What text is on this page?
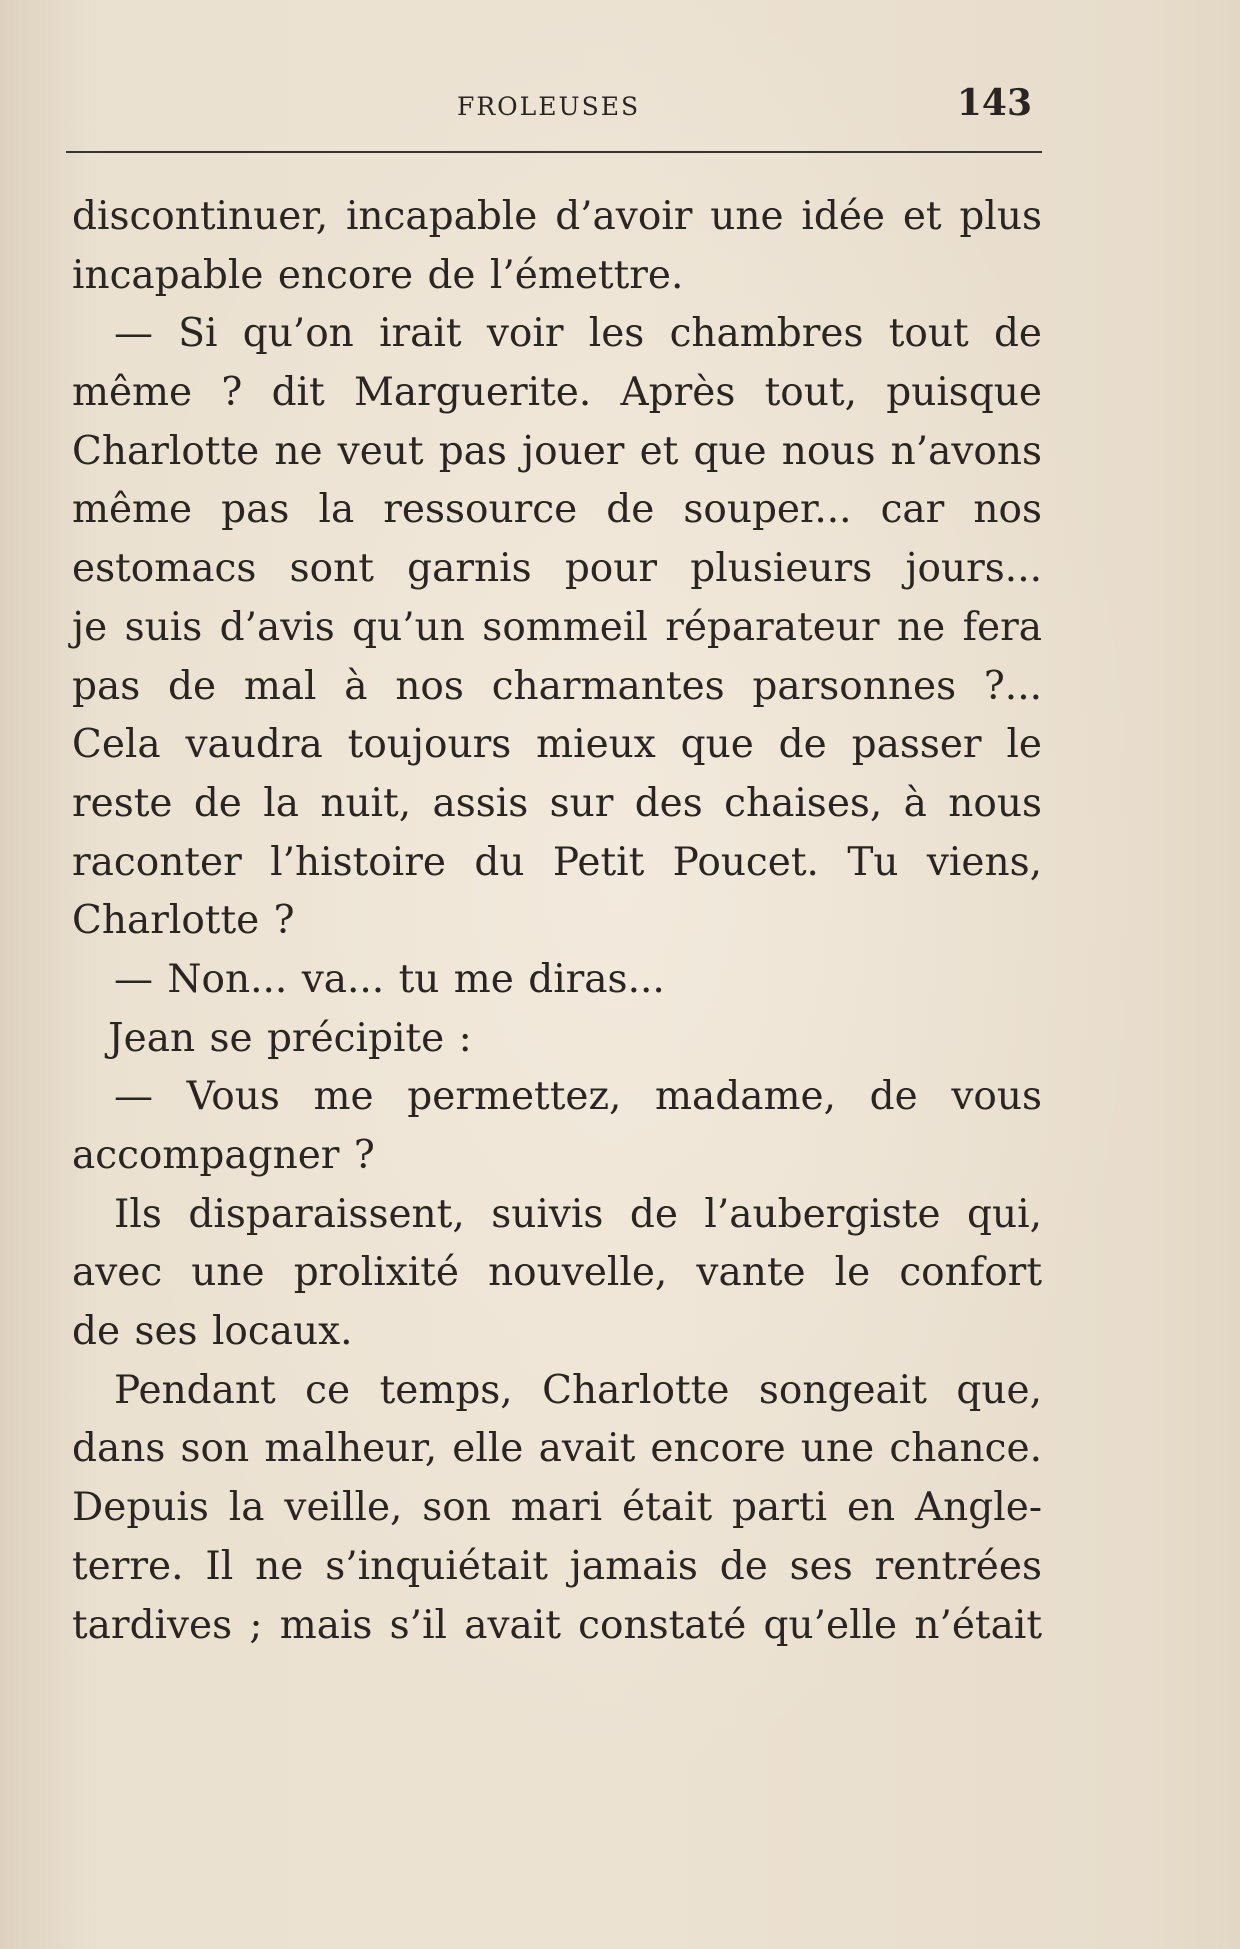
FROLEUSES	143
discontinuer, incapable d’avoir une idée et plus
incapable encore de l’émettre.
— Si qu’on irait voir les chambres tout de
même ? dit Marguerite. Après tout, puisque
Charlotte ne veut pas jouer et que nous n’avons
même pas la ressource de souper... car nos
estomacs sont garnis pour plusieurs jours...
je suis d’avis qu’un sommeil réparateur ne fera
pas de mal à nos charmantes parsonnes ?...
Cela vaudra toujours mieux que de passer le
reste de la nuit, assis sur des chaises, à nous
raconter l’histoire du Petit Poucet. Tu viens,
Charlotte ?
— Non... va... tu me diras...
Jean se précipite :
— Vous me permettez, madame, de vous
accompagner ?
Ils disparaissent, suivis de l’aubergiste qui,
avec une prolixité nouvelle, vante le confort
de ses locaux.
Pendant ce temps, Charlotte songeait que,
dans son malheur, elle avait encore une chance.
Depuis la veille, son mari était parti en Angle-
terre. Il ne s’inquiétait jamais de ses rentrées
tardives ; mais s’il avait constaté qu’elle n’était
